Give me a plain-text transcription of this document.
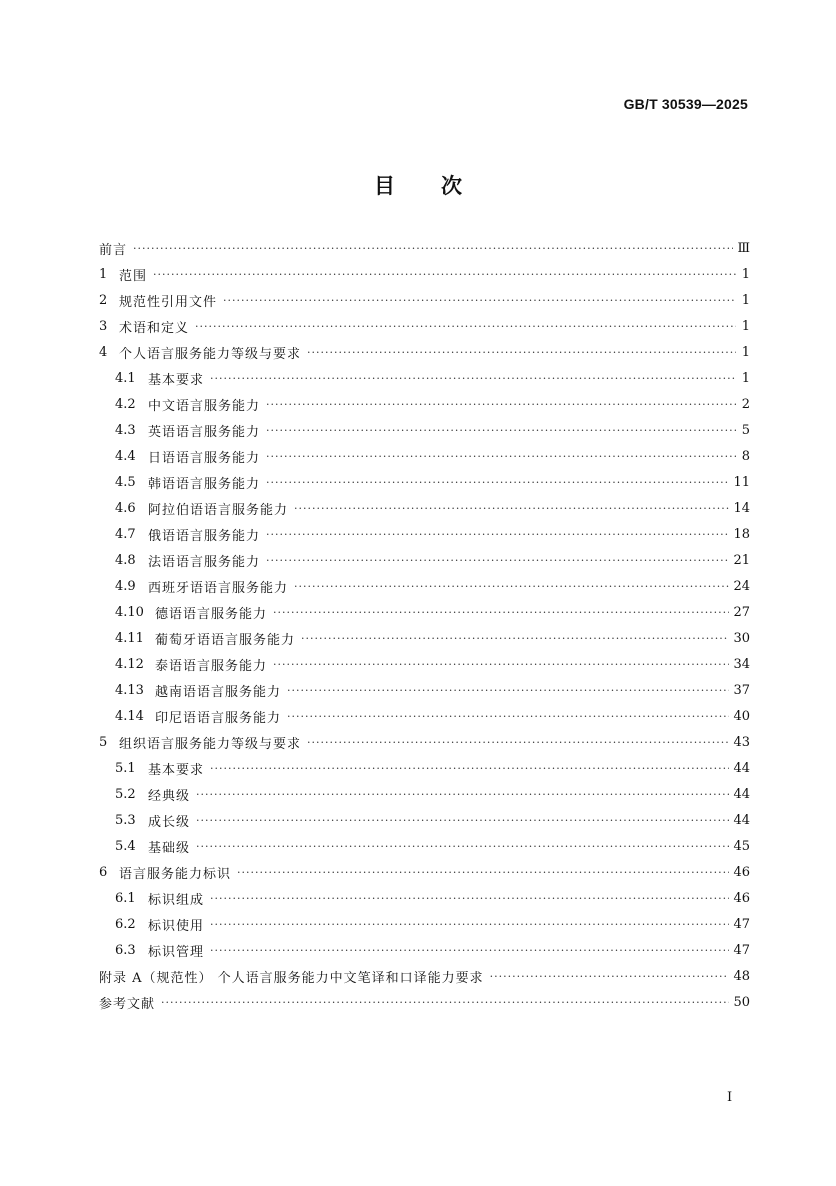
GB/T 30539—2025
目 次
前言 ·····	Ⅲ
1 范围 ·····	1
2 规范性引用文件 ·····	1
3 术语和定义 ·····	1
4 个人语言服务能力等级与要求 ·····	1
4.1 基本要求 ·····	1
4.2 中文语言服务能力 ·····	2
4.3 英语语言服务能力 ·····	5
4.4 日语语言服务能力 ·····	8
4.5 韩语语言服务能力 ·····	11
4.6 阿拉伯语语言服务能力 ·····	14
4.7 俄语语言服务能力 ·····	18
4.8 法语语言服务能力 ·····	21
4.9 西班牙语语言服务能力 ·····	24
4.10 德语语言服务能力 ·····	27
4.11 葡萄牙语语言服务能力 ·····	30
4.12 泰语语言服务能力 ·····	34
4.13 越南语语言服务能力 ·····	37
4.14 印尼语语言服务能力 ·····	40
5 组织语言服务能力等级与要求 ·····	43
5.1 基本要求 ·····	44
5.2 经典级 ·····	44
5.3 成长级 ·····	44
5.4 基础级 ·····	45
6 语言服务能力标识 ·····	46
6.1 标识组成 ·····	46
6.2 标识使用 ·····	47
6.3 标识管理 ·····	47
附录 A（规范性） 个人语言服务能力中文笔译和口译能力要求 ·····	48
参考文献 ·····	50
I
